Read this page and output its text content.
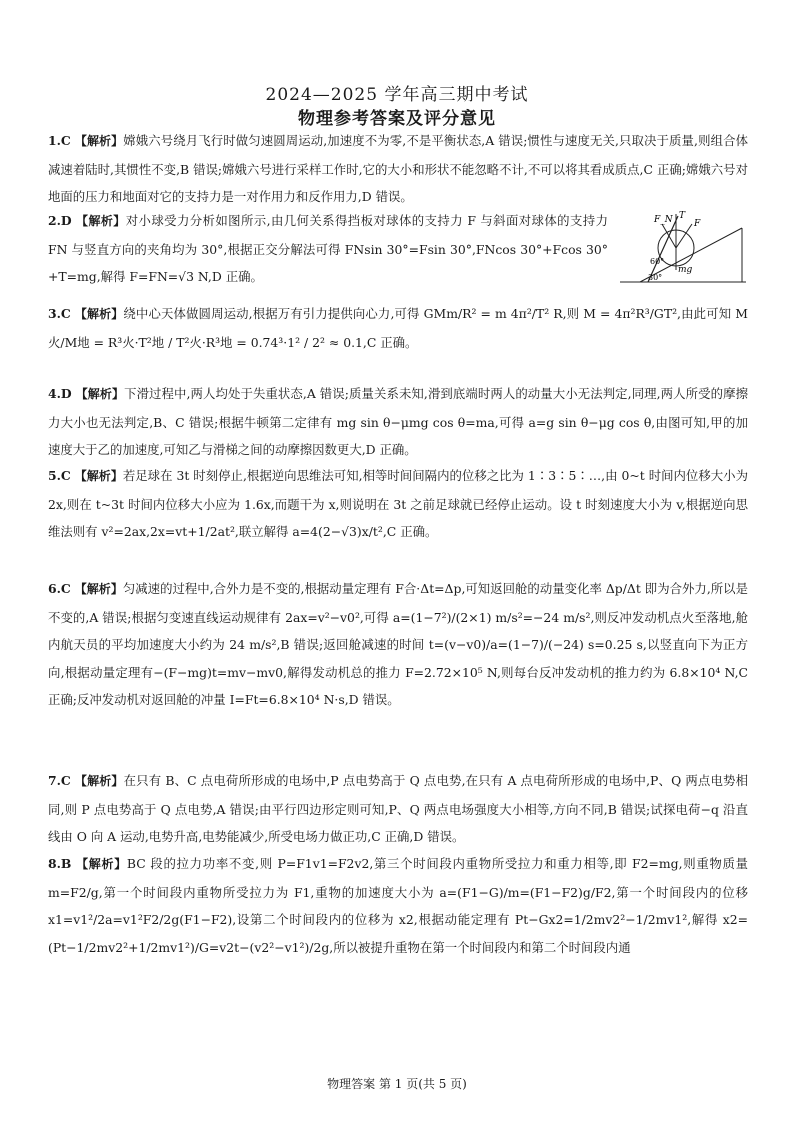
2024—2025 学年高三期中考试
物理参考答案及评分意见

1.C 【解析】嫦娥六号绕月飞行时做匀速圆周运动,加速度不为零,不是平衡状态,A 错误;惯性与速度无关,只取决于质量,则组合体减速着陆时,其惯性不变,B 错误;嫦娥六号进行采样工作时,它的大小和形状不能忽略不计,不可以将其看成质点,C 正确;嫦娥六号对地面的压力和地面对它的支持力是一对作用力和反作用力,D 错误。

2.D 【解析】对小球受力分析如图所示,由几何关系得挡板对球体的支持力 F 与斜面对球体的支持力 FN 与竖直方向的夹角均为 30°,根据正交分解法可得 FNsin 30°=Fsin 30°,FNcos 30°+Fcos 30°+T=mg,解得 F=FN=√3 N,D 正确。

F_N T
F
60°
mg
30°

3.C 【解析】绕中心天体做圆周运动,根据万有引力提供向心力,可得 GMm/R² = m 4π²/T² R,则 M = 4π²R³/GT²,由此可知 M火/M地 = R³火·T²地 / T²火·R³地 = 0.74³·1² / 2² ≈ 0.1,C 正确。

4.D 【解析】下滑过程中,两人均处于失重状态,A 错误;质量关系未知,滑到底端时两人的动量大小无法判定,同理,两人所受的摩擦力大小也无法判定,B、C 错误;根据牛顿第二定律有 mg sin θ−μmg cos θ=ma,可得 a=g sin θ−μg cos θ,由图可知,甲的加速度大于乙的加速度,可知乙与滑梯之间的动摩擦因数更大,D 正确。

5.C 【解析】若足球在 3t 时刻停止,根据逆向思维法可知,相等时间间隔内的位移之比为 1∶3∶5∶…,由 0~t 时间内位移大小为 2x,则在 t~3t 时间内位移大小应为 1.6x,而题干为 x,则说明在 3t 之前足球就已经停止运动。设 t 时刻速度大小为 v,根据逆向思维法则有 v²=2ax,2x=vt+1/2at²,联立解得 a=4(2−√3)x/t²,C 正确。

6.C 【解析】匀减速的过程中,合外力是不变的,根据动量定理有 F合·Δt=Δp,可知返回舱的动量变化率 Δp/Δt 即为合外力,所以是不变的,A 错误;根据匀变速直线运动规律有 2ax=v²−v0²,可得 a=(1−7²)/(2×1) m/s²=−24 m/s²,则反冲发动机点火至落地,舱内航天员的平均加速度大小约为 24 m/s²,B 错误;返回舱减速的时间 t=(v−v0)/a=(1−7)/(−24) s=0.25 s,以竖直向下为正方向,根据动量定理有−(F−mg)t=mv−mv0,解得发动机总的推力 F=2.72×10⁵ N,则每台反冲发动机的推力约为 6.8×10⁴ N,C 正确;反冲发动机对返回舱的冲量 I=Ft=6.8×10⁴ N·s,D 错误。

7.C 【解析】在只有 B、C 点电荷所形成的电场中,P 点电势高于 Q 点电势,在只有 A 点电荷所形成的电场中,P、Q 两点电势相同,则 P 点电势高于 Q 点电势,A 错误;由平行四边形定则可知,P、Q 两点电场强度大小相等,方向不同,B 错误;试探电荷−q 沿直线由 O 向 A 运动,电势升高,电势能减少,所受电场力做正功,C 正确,D 错误。

8.B 【解析】BC 段的拉力功率不变,则 P=F1v1=F2v2,第三个时间段内重物所受拉力和重力相等,即 F2=mg,则重物质量 m=F2/g,第一个时间段内重物所受拉力为 F1,重物的加速度大小为 a=(F1−G)/m=(F1−F2)g/F2,第一个时间段内的位移 x1=v1²/2a=v1²F2/2g(F1−F2),设第二个时间段内的位移为 x2,根据动能定理有 Pt−Gx2=1/2mv2²−1/2mv1²,解得 x2=(Pt−1/2mv2²+1/2mv1²)/G=v2t−(v2²−v1²)/2g,所以被提升重物在第一个时间段内和第二个时间段内通

物理答案 第 1 页(共 5 页)
